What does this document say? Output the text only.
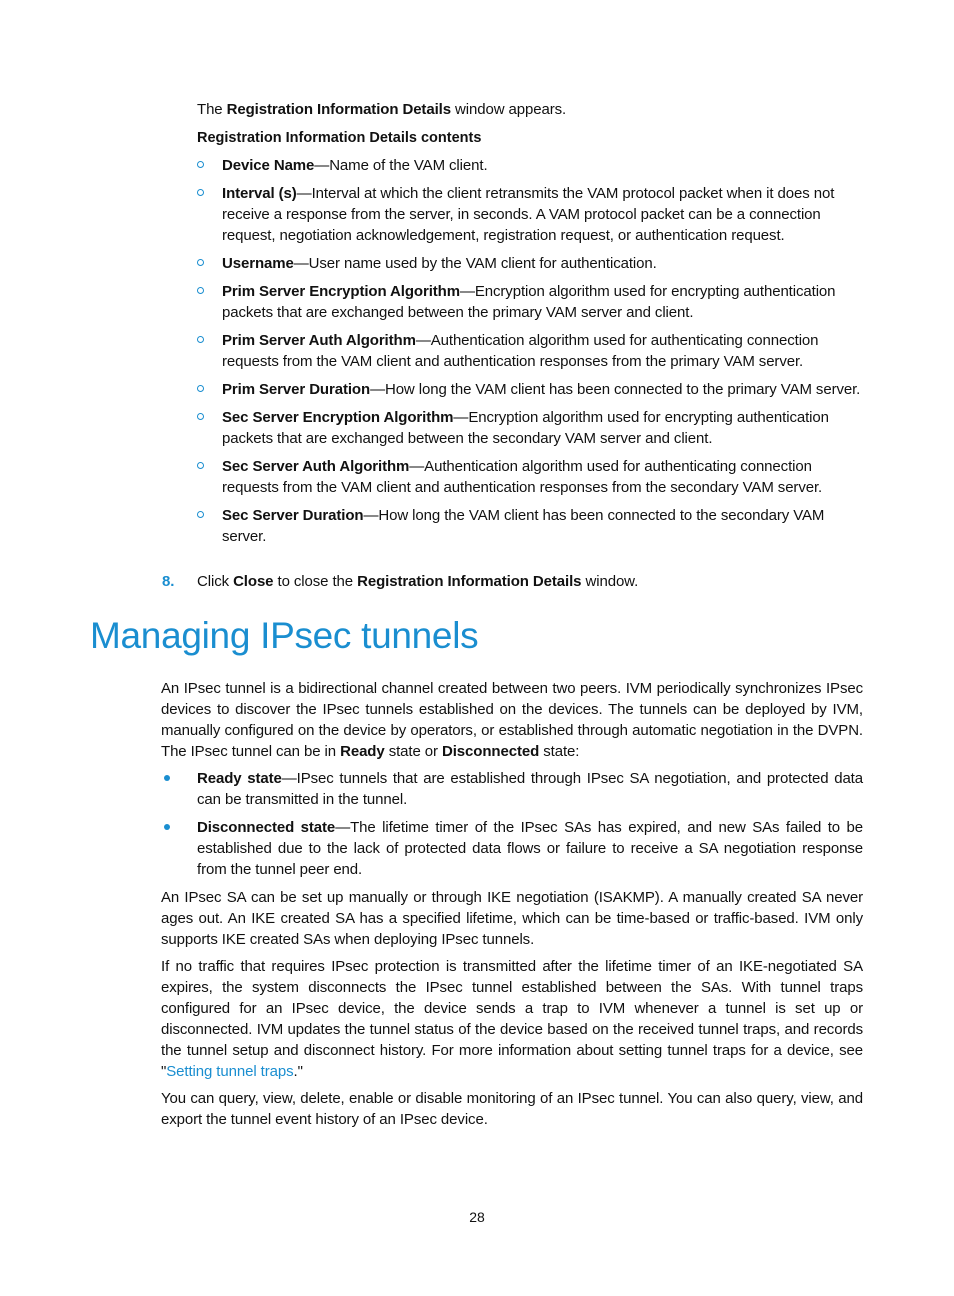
The Registration Information Details window appears.

Registration Information Details contents

Device Name—Name of the VAM client.
Interval (s)—Interval at which the client retransmits the VAM protocol packet when it does not receive a response from the server, in seconds. A VAM protocol packet can be a connection request, negotiation acknowledgement, registration request, or authentication request.
Username—User name used by the VAM client for authentication.
Prim Server Encryption Algorithm—Encryption algorithm used for encrypting authentication packets that are exchanged between the primary VAM server and client.
Prim Server Auth Algorithm—Authentication algorithm used for authenticating connection requests from the VAM client and authentication responses from the primary VAM server.
Prim Server Duration—How long the VAM client has been connected to the primary VAM server.
Sec Server Encryption Algorithm—Encryption algorithm used for encrypting authentication packets that are exchanged between the secondary VAM server and client.
Sec Server Auth Algorithm—Authentication algorithm used for authenticating connection requests from the VAM client and authentication responses from the secondary VAM server.
Sec Server Duration—How long the VAM client has been connected to the secondary VAM server.
8. Click Close to close the Registration Information Details window.
Managing IPsec tunnels

An IPsec tunnel is a bidirectional channel created between two peers. IVM periodically synchronizes IPsec devices to discover the IPsec tunnels established on the devices. The tunnels can be deployed by IVM, manually configured on the device by operators, or established through automatic negotiation in the DVPN. The IPsec tunnel can be in Ready state or Disconnected state:

Ready state—IPsec tunnels that are established through IPsec SA negotiation, and protected data can be transmitted in the tunnel.
Disconnected state—The lifetime timer of the IPsec SAs has expired, and new SAs failed to be established due to the lack of protected data flows or failure to receive a SA negotiation response from the tunnel peer end.

An IPsec SA can be set up manually or through IKE negotiation (ISAKMP). A manually created SA never ages out. An IKE created SA has a specified lifetime, which can be time-based or traffic-based. IVM only supports IKE created SAs when deploying IPsec tunnels.

If no traffic that requires IPsec protection is transmitted after the lifetime timer of an IKE-negotiated SA expires, the system disconnects the IPsec tunnel established between the SAs. With tunnel traps configured for an IPsec device, the device sends a trap to IVM whenever a tunnel is set up or disconnected. IVM updates the tunnel status of the device based on the received tunnel traps, and records the tunnel setup and disconnect history. For more information about setting tunnel traps for a device, see "Setting tunnel traps."

You can query, view, delete, enable or disable monitoring of an IPsec tunnel. You can also query, view, and export the tunnel event history of an IPsec device.

28
